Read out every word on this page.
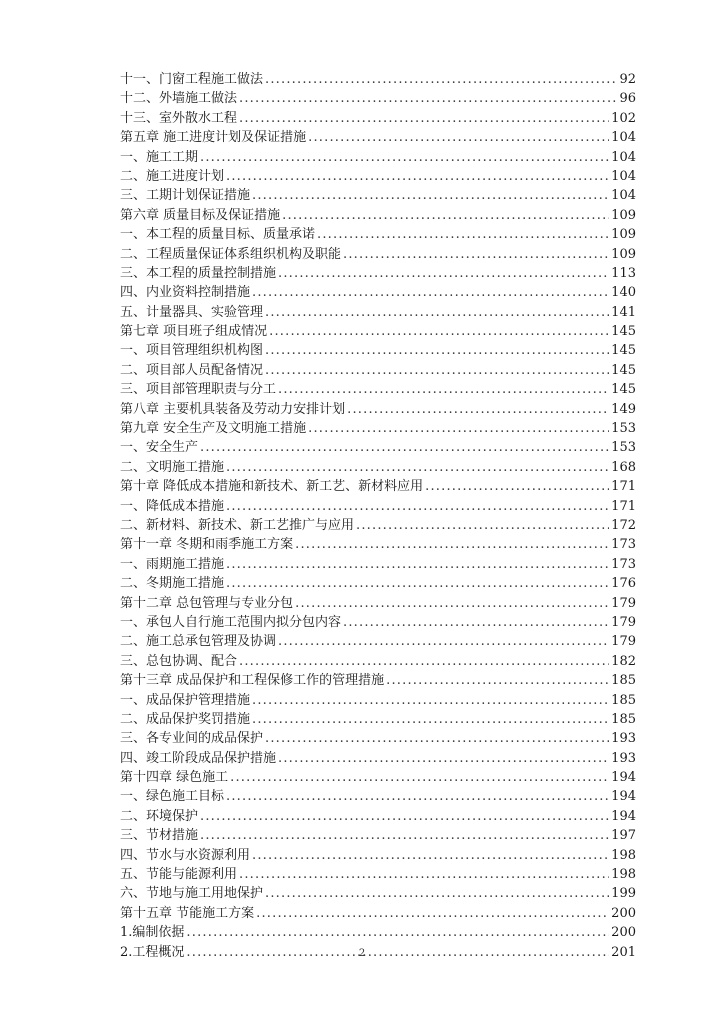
十一、门窗工程施工做法 .....	92
十二、外墙施工做法 .....	96
十三、室外散水工程 .....	102
第五章 施工进度计划及保证措施 .....	104
一、施工工期 .....	104
二、施工进度计划 .....	104
三、工期计划保证措施 .....	104
第六章 质量目标及保证措施 .....	109
一、本工程的质量目标、质量承诺 .....	109
二、工程质量保证体系组织机构及职能 .....	109
三、本工程的质量控制措施 .....	113
四、内业资料控制措施 .....	140
五、计量器具、实验管理 .....	141
第七章 项目班子组成情况 .....	145
一、项目管理组织机构图 .....	145
二、项目部人员配备情况 .....	145
三、项目部管理职责与分工 .....	145
第八章 主要机具装备及劳动力安排计划 .....	149
第九章 安全生产及文明施工措施 .....	153
一、安全生产 .....	153
二、文明施工措施 .....	168
第十章 降低成本措施和新技术、新工艺、新材料应用 .....	171
一、降低成本措施 .....	171
二、新材料、新技术、新工艺推广与应用 .....	172
第十一章 冬期和雨季施工方案 .....	173
一、雨期施工措施 .....	173
二、冬期施工措施 .....	176
第十二章 总包管理与专业分包 .....	179
一、承包人自行施工范围内拟分包内容 .....	179
二、施工总承包管理及协调 .....	179
三、总包协调、配合 .....	182
第十三章 成品保护和工程保修工作的管理措施 .....	185
一、成品保护管理措施 .....	185
二、成品保护奖罚措施 .....	185
三、各专业间的成品保护 .....	193
四、竣工阶段成品保护措施 .....	193
第十四章 绿色施工 .....	194
一、绿色施工目标 .....	194
二、环境保护 .....	194
三、节材措施 .....	197
四、节水与水资源利用 .....	198
五、节能与能源利用 .....	198
六、节地与施工用地保护 .....	199
第十五章 节能施工方案 .....	200
1.编制依据 .....	200
2.工程概况 .....	201
2
